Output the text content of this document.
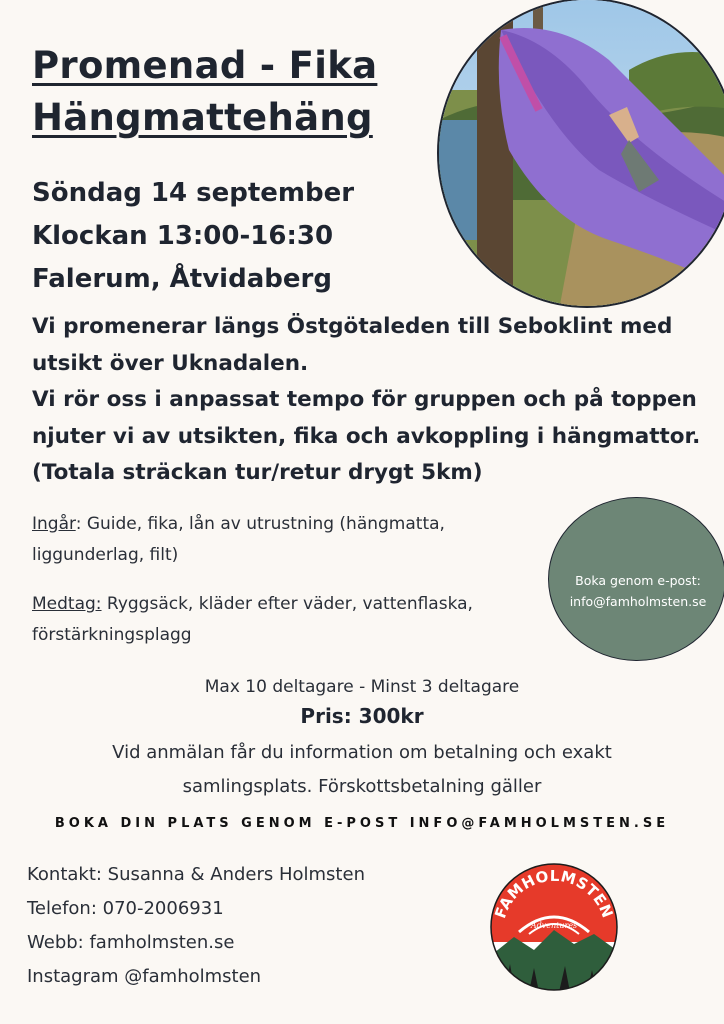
Promenad - Fika
Hängmattehäng
Söndag 14 september
Klockan 13:00-16:30
Falerum, Åtvidaberg

Vi promenerar längs Östgötaleden till Seboklint med utsikt över Uknadalen.

Vi rör oss i anpassat tempo för gruppen och på toppen njuter vi av utsikten, fika och avkoppling i hängmattor. (Totala sträckan tur/retur drygt 5km)

Ingår: Guide, fika, lån av utrustning (hängmatta, liggunderlag, filt)
Medtag: Ryggsäck, kläder efter väder, vattenflaska, förstärkningsplagg
Boka genom e-post:
info@famholmsten.se
Max 10 deltagare - Minst 3 deltagare
Pris: 300kr
Vid anmälan får du information om betalning och exakt
samlingsplats. Förskottsbetalning gäller
BOKA DIN PLATS GENOM E-POST INFO@FAMHOLMSTEN.SE
Kontakt: Susanna & Anders Holmsten
Telefon: 070-2006931
Webb: famholmsten.se
Instagram @famholmsten
FAMHOLMSTEN
Adventures
